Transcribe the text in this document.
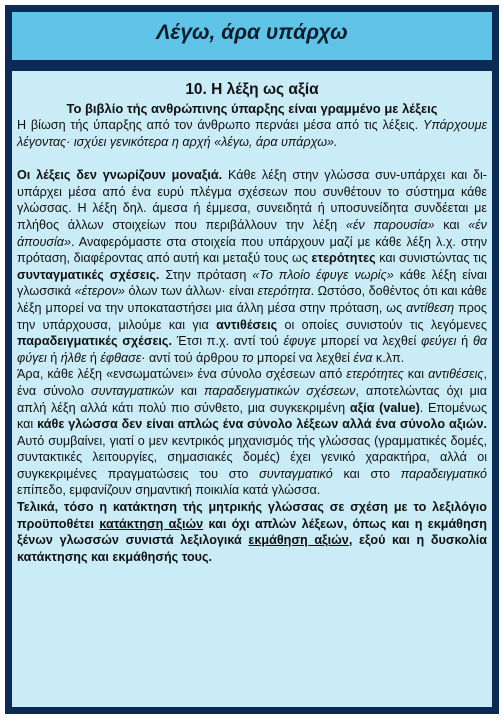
Λέγω, άρα υπάρχω
10. Η λέξη ως αξία
Το βιβλίο τής ανθρώπινης ύπαρξης είναι γραμμένο με λέξεις

Η βίωση τής ύπαρξης από τον άνθρωπο περνάει μέσα από τις λέξεις. Υπάρχουμε λέγοντας· ισχύει γενικότερα η αρχή «λέγω, άρα υπάρχω».

Οι λέξεις δεν γνωρίζουν μοναξιά. Κάθε λέξη στην γλώσσα συν-υπάρχει και δι-υπάρχει μέσα από ένα ευρύ πλέγμα σχέσεων που συνθέτουν το σύστημα κάθε γλώσσας. Η λέξη δηλ. άμεσα ή έμμεσα, συνειδητά ή υποσυνείδητα συνδέεται με πλήθος άλλων στοιχείων που περιβάλλουν την λέξη «έν παρουσία» και «έν άπουσία». Αναφερόμαστε στα στοιχεία που υπάρχουν μαζί με κάθε λέξη λ.χ. στην πρόταση, διαφέροντας από αυτή και μεταξύ τους ως ετερότητες και συνιστώντας τις συνταγματικές σχέσεις. Στην πρόταση «Το πλοίο έφυγε νωρίς» κάθε λέξη είναι γλωσσικά «έτερον» όλων των άλλων· είναι ετερότητα. Ωστόσο, δοθέντος ότι και κάθε λέξη μπορεί να την υποκαταστήσει μια άλλη μέσα στην πρόταση, ως αντίθεση προς την υπάρχουσα, μιλούμε και για αντιθέσεις οι οποίες συνιστούν τις λεγόμενες παραδειγματικές σχέσεις. Έτσι π.χ. αντί τού έφυγε μπορεί να λεχθεί φεύγει ή θα φύγει ή ήλθε ή έφθασε· αντί τού άρθρου το μπορεί να λεχθεί ένα κ.λπ.

Άρα, κάθε λέξη «ενσωματώνει» ένα σύνολο σχέσεων από ετερότητες και αντιθέσεις, ένα σύνολο συνταγματικών και παραδειγματικών σχέσεων, αποτελώντας όχι μια απλή λέξη αλλά κάτι πολύ πιο σύνθετο, μια συγκεκριμένη αξία (value). Επομένως και κάθε γλώσσα δεν είναι απλώς ένα σύνολο λέξεων αλλά ένα σύνολο αξιών. Αυτό συμβαίνει, γιατί ο μεν κεντρικός μηχανισμός τής γλώσσας (γραμματικές δομές, συντακτικές λειτουργίες, σημασιακές δομές) έχει γενικό χαρακτήρα, αλλά οι συγκεκριμένες πραγματώσεις του στο συνταγματικό και στο παραδειγματικό επίπεδο, εμφανίζουν σημαντική ποικιλία κατά γλώσσα.

Τελικά, τόσο η κατάκτηση τής μητρικής γλώσσας σε σχέση με το λεξιλόγιο προϋποθέτει κατάκτηση αξιών και όχι απλών λέξεων, όπως και η εκμάθηση ξένων γλωσσών συνιστά λεξιλογικά εκμάθηση αξιών, εξού και η δυσκολία κατάκτησης και εκμάθησής τους.
